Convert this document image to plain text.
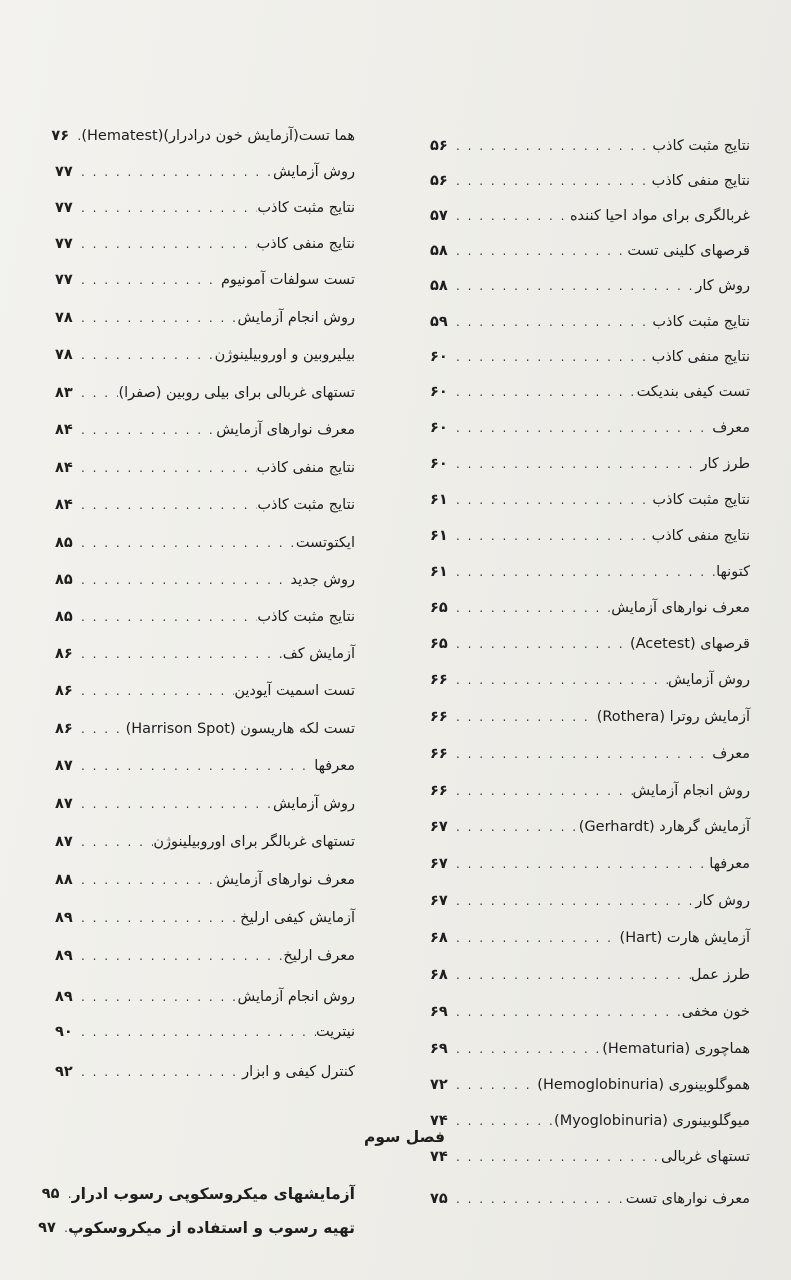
نتایج مثبت کاذب
. . .
۵۶
نتایج منفی کاذب
. . .
۵۶
غربالگری برای مواد احیا کننده
. . .
۵۷
قرصهای کلینی تست
. . .
۵۸
روش کار
. . .
۵۸
نتایج مثبت کاذب
. . .
۵۹
نتایج منفی کاذب
. . .
۶۰
تست کیفی بندیکت
. . .
۶۰
معرف
. . .
۶۰
طرز کار
. . .
۶۰
نتایج مثبت کاذب
. . .
۶۱
نتایج منفی کاذب
. . .
۶۱
کتونها
. . .
۶۱
معرف نوارهای آزمایش
. . .
۶۵
قرصهای (Acetest)
. . .
۶۵
روش آزمایش
. . .
۶۶
آزمایش روترا (Rothera)
. . .
۶۶
معرف
. . .
۶۶
روش انجام آزمایش
. . .
۶۶
آزمایش گرهارد (Gerhardt)
. . .
۶۷
معرفها
. . .
۶۷
روش کار
. . .
۶۷
آزمایش هارت (Hart)
. . .
۶۸
طرز عمل
. . .
۶۸
خون مخفی
. . .
۶۹
هماچوری (Hematuria)
. . .
۶۹
هموگلوبینوری (Hemoglobinuria)
. . .
۷۲
میوگلوبینوری (Myoglobinuria)
. . .
۷۴
تستهای غربالی
. . .
۷۴
معرف نوارهای تست
. . .
۷۵
هما تست(آزمایش خون درادرار)(Hematest)
. . .
۷۶
روش آزمایش
. . .
۷۷
نتایج مثبت کاذب
. . .
۷۷
نتایج منفی کاذب
. . .
۷۷
تست سولفات آمونیوم
. . .
۷۷
روش انجام آزمایش
. . .
۷۸
بیلیروبین و اوروبیلینوژن
. . .
۷۸
تستهای غربالی برای بیلی روبین (صفرا)
. . .
۸۳
معرف نوارهای آزمایش
. . .
۸۴
نتایج منفی کاذب
. . .
۸۴
نتایج مثبت کاذب
. . .
۸۴
ایکتوتست
. . .
۸۵
روش جدید
. . .
۸۵
نتایج مثبت کاذب
. . .
۸۵
آزمایش کف
. . .
۸۶
تست اسمیت آیودین
. . .
۸۶
تست لکه هاریسون (Harrison Spot)
. . .
۸۶
معرفها
. . .
۸۷
روش آزمایش
. . .
۸۷
تستهای غربالگر برای اوروبیلینوژن
. . .
۸۷
معرف نوارهای آزمایش
. . .
۸۸
آزمایش کیفی ارلیخ
. . .
۸۹
معرف ارلیخ
. . .
۸۹
روش انجام آزمایش
. . .
۸۹
نیتریت
. . .
۹۰
کنترل کیفی و ابزار
. . .
۹۲
آزمایشهای میکروسکوپی رسوب ادرار
. . .
۹۵
تهیه رسوب و استفاده از میکروسکوپ
. . .
۹۷
فصل سوم
